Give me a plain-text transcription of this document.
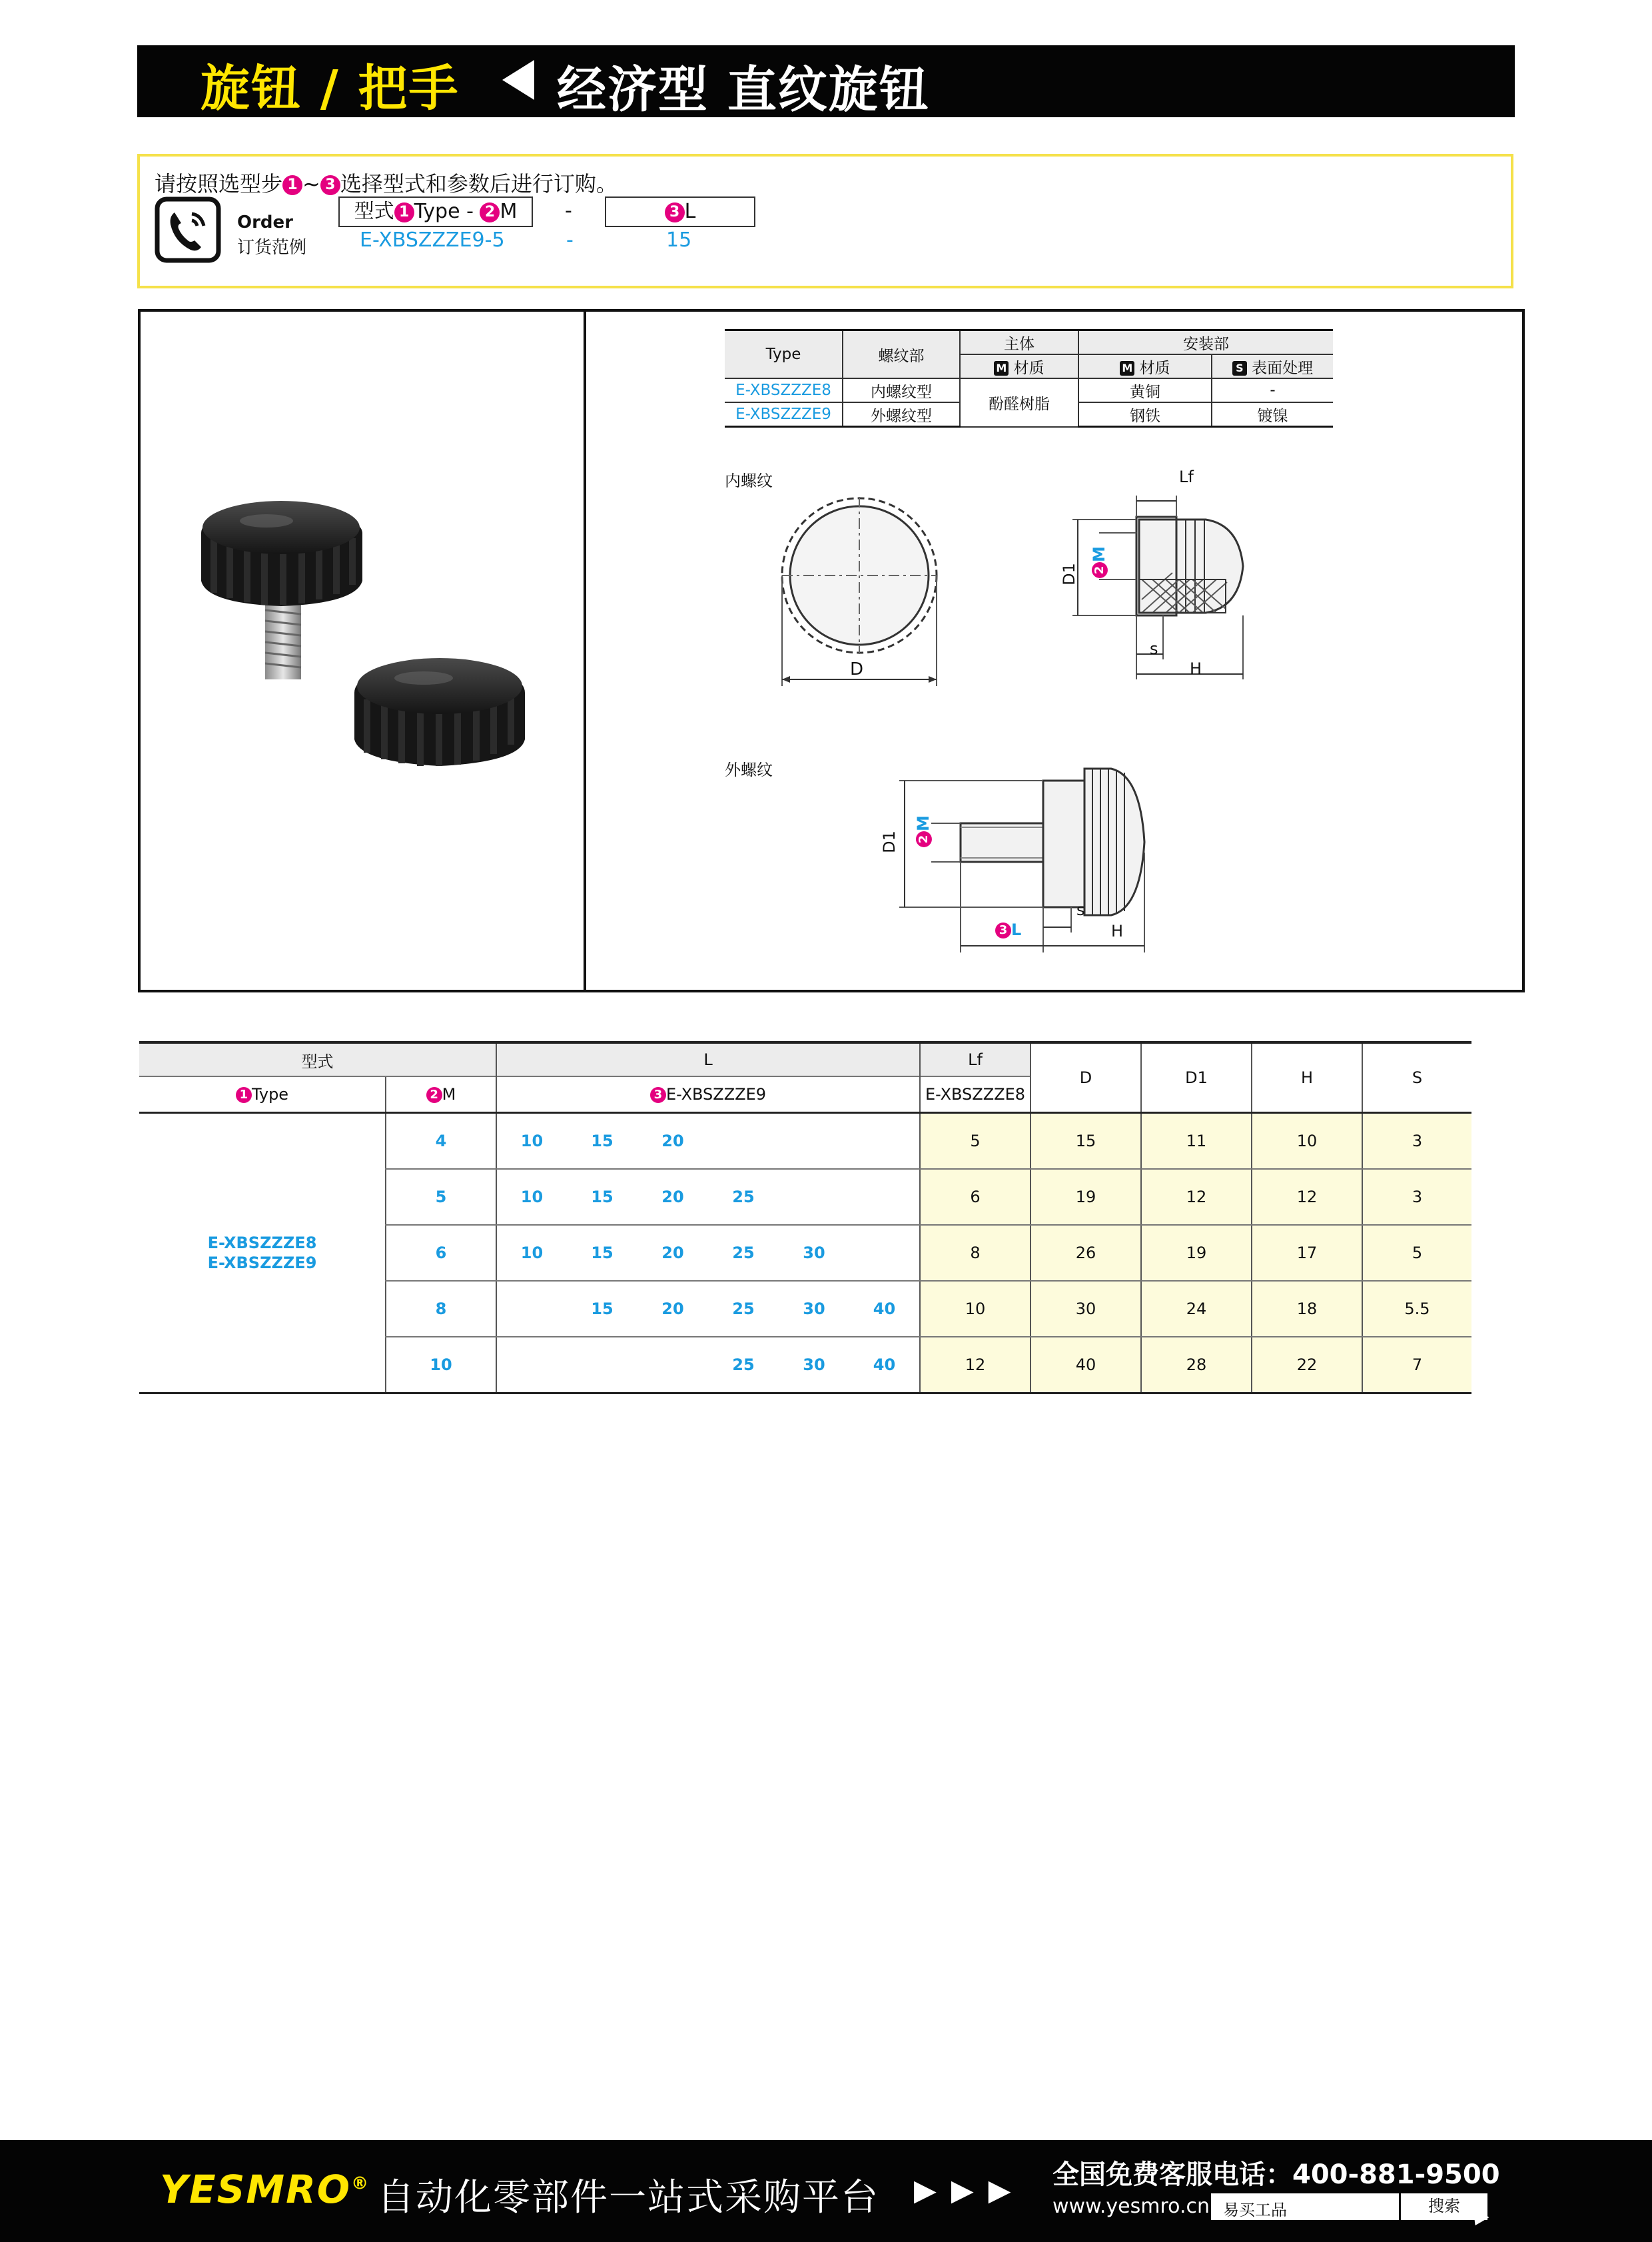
旋钮 / 把手 经济型 直纹旋钮
请按照选型步 1 ~ 3 选择型式和参数后进行订购。
Order
订货范例
型式 1 Type - 2 M	-	3 L
E-XBSZZZE9-5	-	15
Type	螺纹部	主体	安装部	
		M 材质	M 材质	S 表面处理
E-XBSZZZE8	内螺纹型	酚醛树脂	黄铜	-
E-XBSZZZE9	外螺纹型		钢铁	镀镍
内螺纹
外螺纹
D
Lf
D1 2M
s
H
D1 2M
s
H
3 L
型式		L						Lf	D	D1	H	S
1 Type	2 M	3 E-XBSZZZE9						E-XBSZZZE8				
E-XBSZZZE8
E-XBSZZZE9	4	10	15	20				5	15	11	10	3
	5	10	15	20	25			6	19	12	12	3
	6	10	15	20	25	30		8	26	19	17	5
	8		15	20	25	30	40	10	30	24	18	5.5
	10				25	30	40	12	40	28	22	7
YESMRO® 自动化零部件一站式采购平台 ▶ ▶ ▶ 全国免费客服电话：400-881-9500
www.yesmro.cn 易买工品	搜索
